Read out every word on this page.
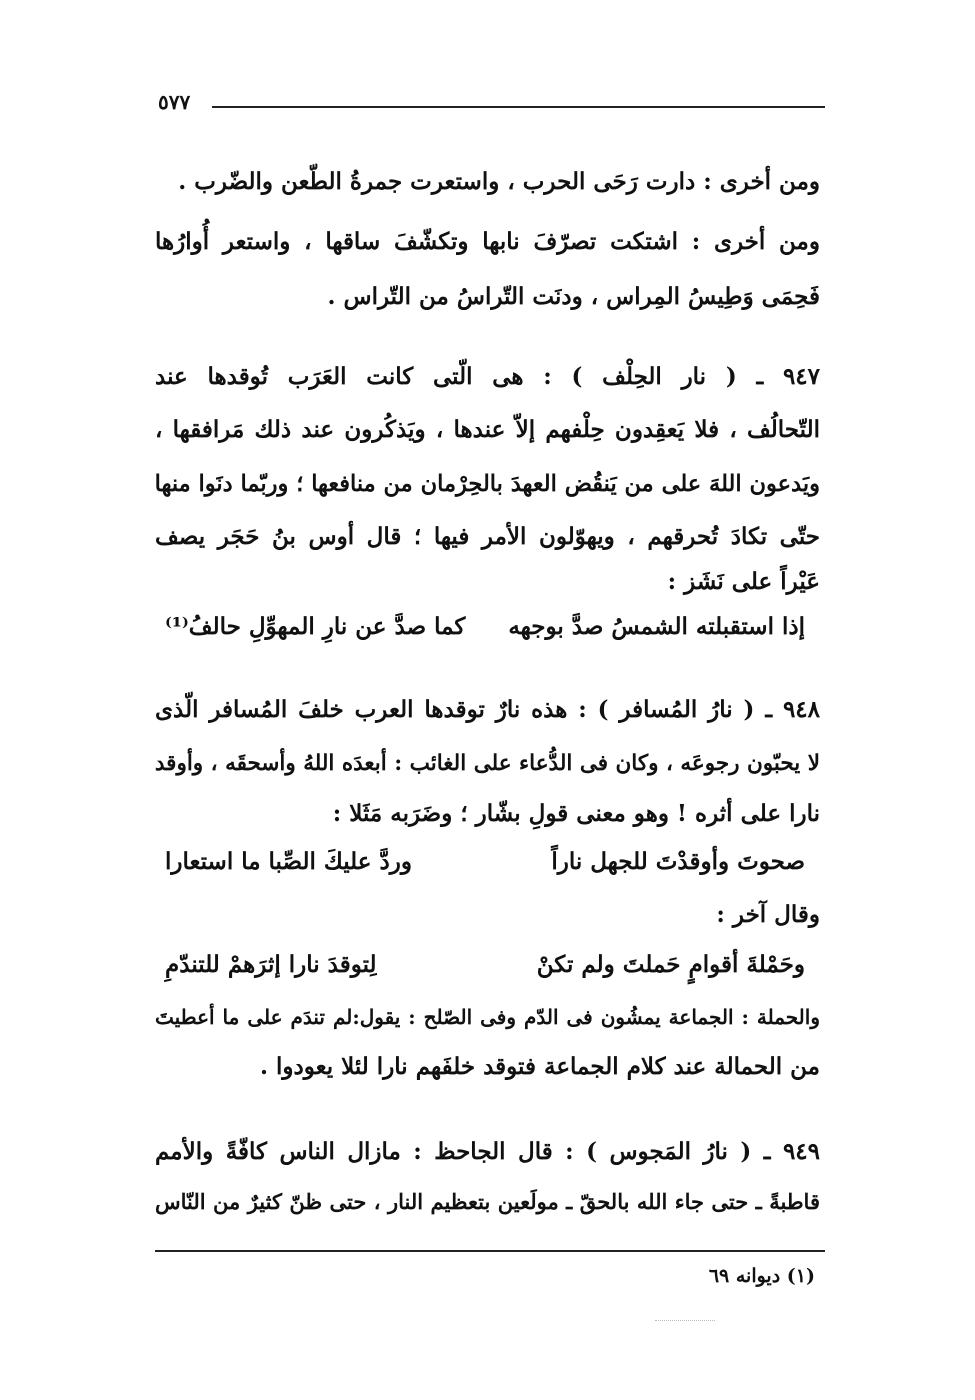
٥٧٧
ومن أخرى : دارت رَحَى الحرب ، واستعرت جمرةُ الطّعن والضّرب .
ومن أخرى : اشتكت تصرّفَ نابها وتكشّفَ ساقها ، واستعر أُوارُها
فَحِمَى وَطِيسُ المِراس ، ودنَت التّراسُ من التّراس .
٩٤٧ ـ ( نار الحِلْف ) : هى الّتى كانت العَرَب تُوقدها عند
التّحالُف ، فلا يَعقِدون حِلْفهم إلاّ عندها ، ويَذكُرون عند ذلك مَرافقها ،
ويَدعون اللهَ على من يَنقُض العهدَ بالحِرْمان من منافعها ؛ وربّما دنَوا منها
حتّى تكادَ تُحرقهم ، ويهوّلون الأمر فيها ؛ قال أوس بنُ حَجَر يصف
عَيْراً على نَشَز :
إذا استقبلته الشمسُ صدَّ بوجهه
كما صدَّ عن نارِ المهوِّلِ حالفُ⁽¹⁾
٩٤٨ ـ ( نارُ المُسافر ) : هذه نارٌ توقدها العرب خلفَ المُسافر الّذى
لا يحبّون رجوعَه ، وكان فى الدُّعاء على الغائب : أبعدَه اللهُ وأسحقَه ، وأوقد
نارا على أثره ! وهو معنى قولِ بشّار ؛ وضَرَبه مَثَلا :
صحوتَ وأوقدْتَ للجهل ناراً
وردَّ عليكَ الصِّبا ما استعارا
وقال آخر :
وحَمْلةَ أقوامٍ حَملتَ ولم تكنْ
لِتوقدَ نارا إثرَهمْ للتندّمِ
والحملة : الجماعة يمشُون فى الدّم وفى الصّلح : يقول:لم تندَم على ما أعطيتَ
من الحمالة عند كلام الجماعة فتوقد خلفَهم نارا لئلا يعودوا .
٩٤٩ ـ ( نارُ المَجوس ) : قال الجاحظ : مازال الناس كافّةً والأمم
قاطبةً ـ حتى جاء الله بالحقّ ـ مولَعين بتعظيم النار ، حتى ظنّ كثيرٌ من النّاس
(١) ديوانه ٦٩
